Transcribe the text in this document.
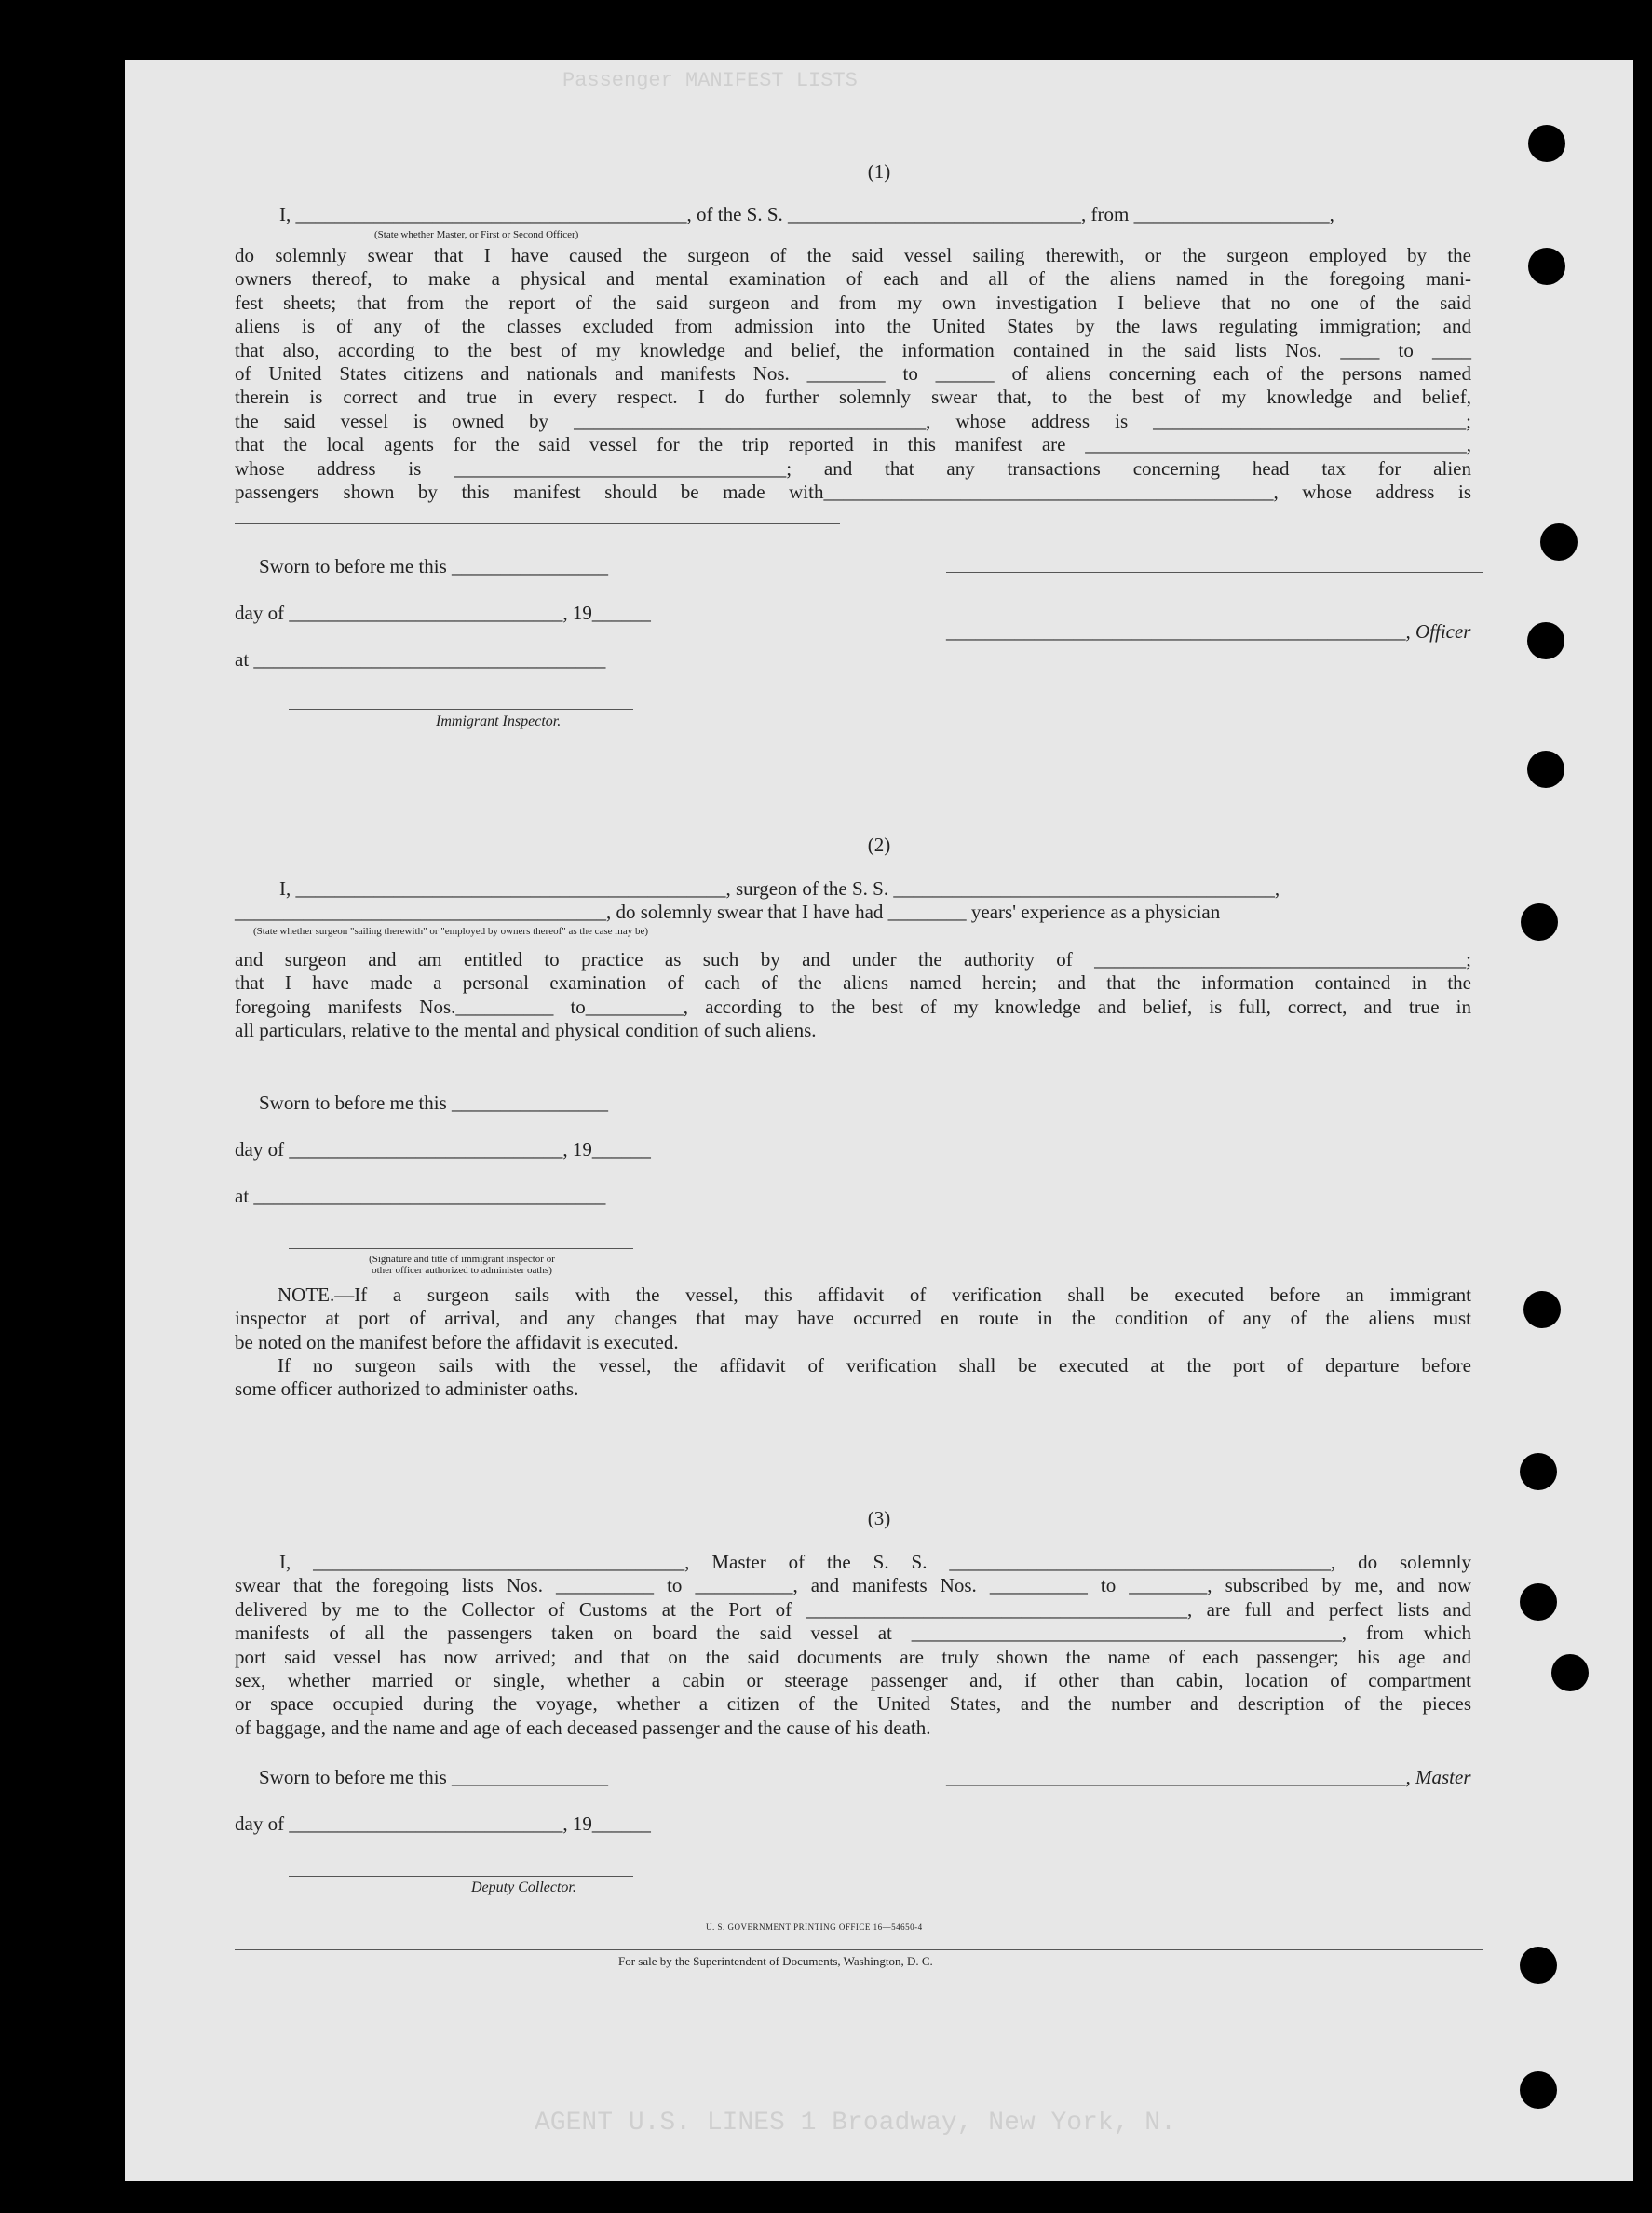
Passenger MANIFEST LISTS
AGENT U.S. LINES 1 Broadway, New York, N.
(1)
I, ________________________________________, of the S. S. ______________________________, from ____________________,
(State whether Master, or First or Second Officer)
do solemnly swear that I have caused the surgeon of the said vessel sailing therewith, or the surgeon employed by the
owners thereof, to make a physical and mental examination of each and all of the aliens named in the foregoing mani-
fest sheets; that from the report of the said surgeon and from my own investigation I believe that no one of the said
aliens is of any of the classes excluded from admission into the United States by the laws regulating immigration; and
that also, according to the best of my knowledge and belief, the information contained in the said lists Nos. ____ to ____
of United States citizens and nationals and manifests Nos. ________ to ______ of aliens concerning each of the persons named
therein is correct and true in every respect. I do further solemnly swear that, to the best of my knowledge and belief,
the said vessel is owned by ____________________________________, whose address is ________________________________;
that the local agents for the said vessel for the trip reported in this manifest are _______________________________________,
whose address is __________________________________; and that any transactions concerning head tax for alien
passengers shown by this manifest should be made with______________________________________________, whose address is
Sworn to before me this ________________
day of ____________________________, 19______
_______________________________________________, Officer
at ____________________________________
Immigrant Inspector.
(2)
I, ____________________________________________, surgeon of the S. S. _______________________________________,
______________________________________, do solemnly swear that I have had ________ years' experience as a physician
(State whether surgeon "sailing therewith" or "employed by owners thereof" as the case may be)
and surgeon and am entitled to practice as such by and under the authority of ______________________________________;
that I have made a personal examination of each of the aliens named herein; and that the information contained in the
foregoing manifests Nos.__________ to__________, according to the best of my knowledge and belief, is full, correct, and true in
all particulars, relative to the mental and physical condition of such aliens.
Sworn to before me this ________________
day of ____________________________, 19______
at ____________________________________
(Signature and title of immigrant inspector or
other officer authorized to administer oaths)
NOTE.—If a surgeon sails with the vessel, this affidavit of verification shall be executed before an immigrant
inspector at port of arrival, and any changes that may have occurred en route in the condition of any of the aliens must
be noted on the manifest before the affidavit is executed.
If no surgeon sails with the vessel, the affidavit of verification shall be executed at the port of departure before
some officer authorized to administer oaths.
(3)
I, ______________________________________, Master of the S. S. _______________________________________, do solemnly
swear that the foregoing lists Nos. __________ to __________, and manifests Nos. __________ to ________, subscribed by me, and now
delivered by me to the Collector of Customs at the Port of _______________________________________, are full and perfect lists and
manifests of all the passengers taken on board the said vessel at ____________________________________________, from which
port said vessel has now arrived; and that on the said documents are truly shown the name of each passenger; his age and
sex, whether married or single, whether a cabin or steerage passenger and, if other than cabin, location of compartment
or space occupied during the voyage, whether a citizen of the United States, and the number and description of the pieces
of baggage, and the name and age of each deceased passenger and the cause of his death.
Sworn to before me this ________________	_______________________________________________, Master
day of ____________________________, 19______
Deputy Collector.
U. S. GOVERNMENT PRINTING OFFICE 16—54650-4
For sale by the Superintendent of Documents, Washington, D. C.
